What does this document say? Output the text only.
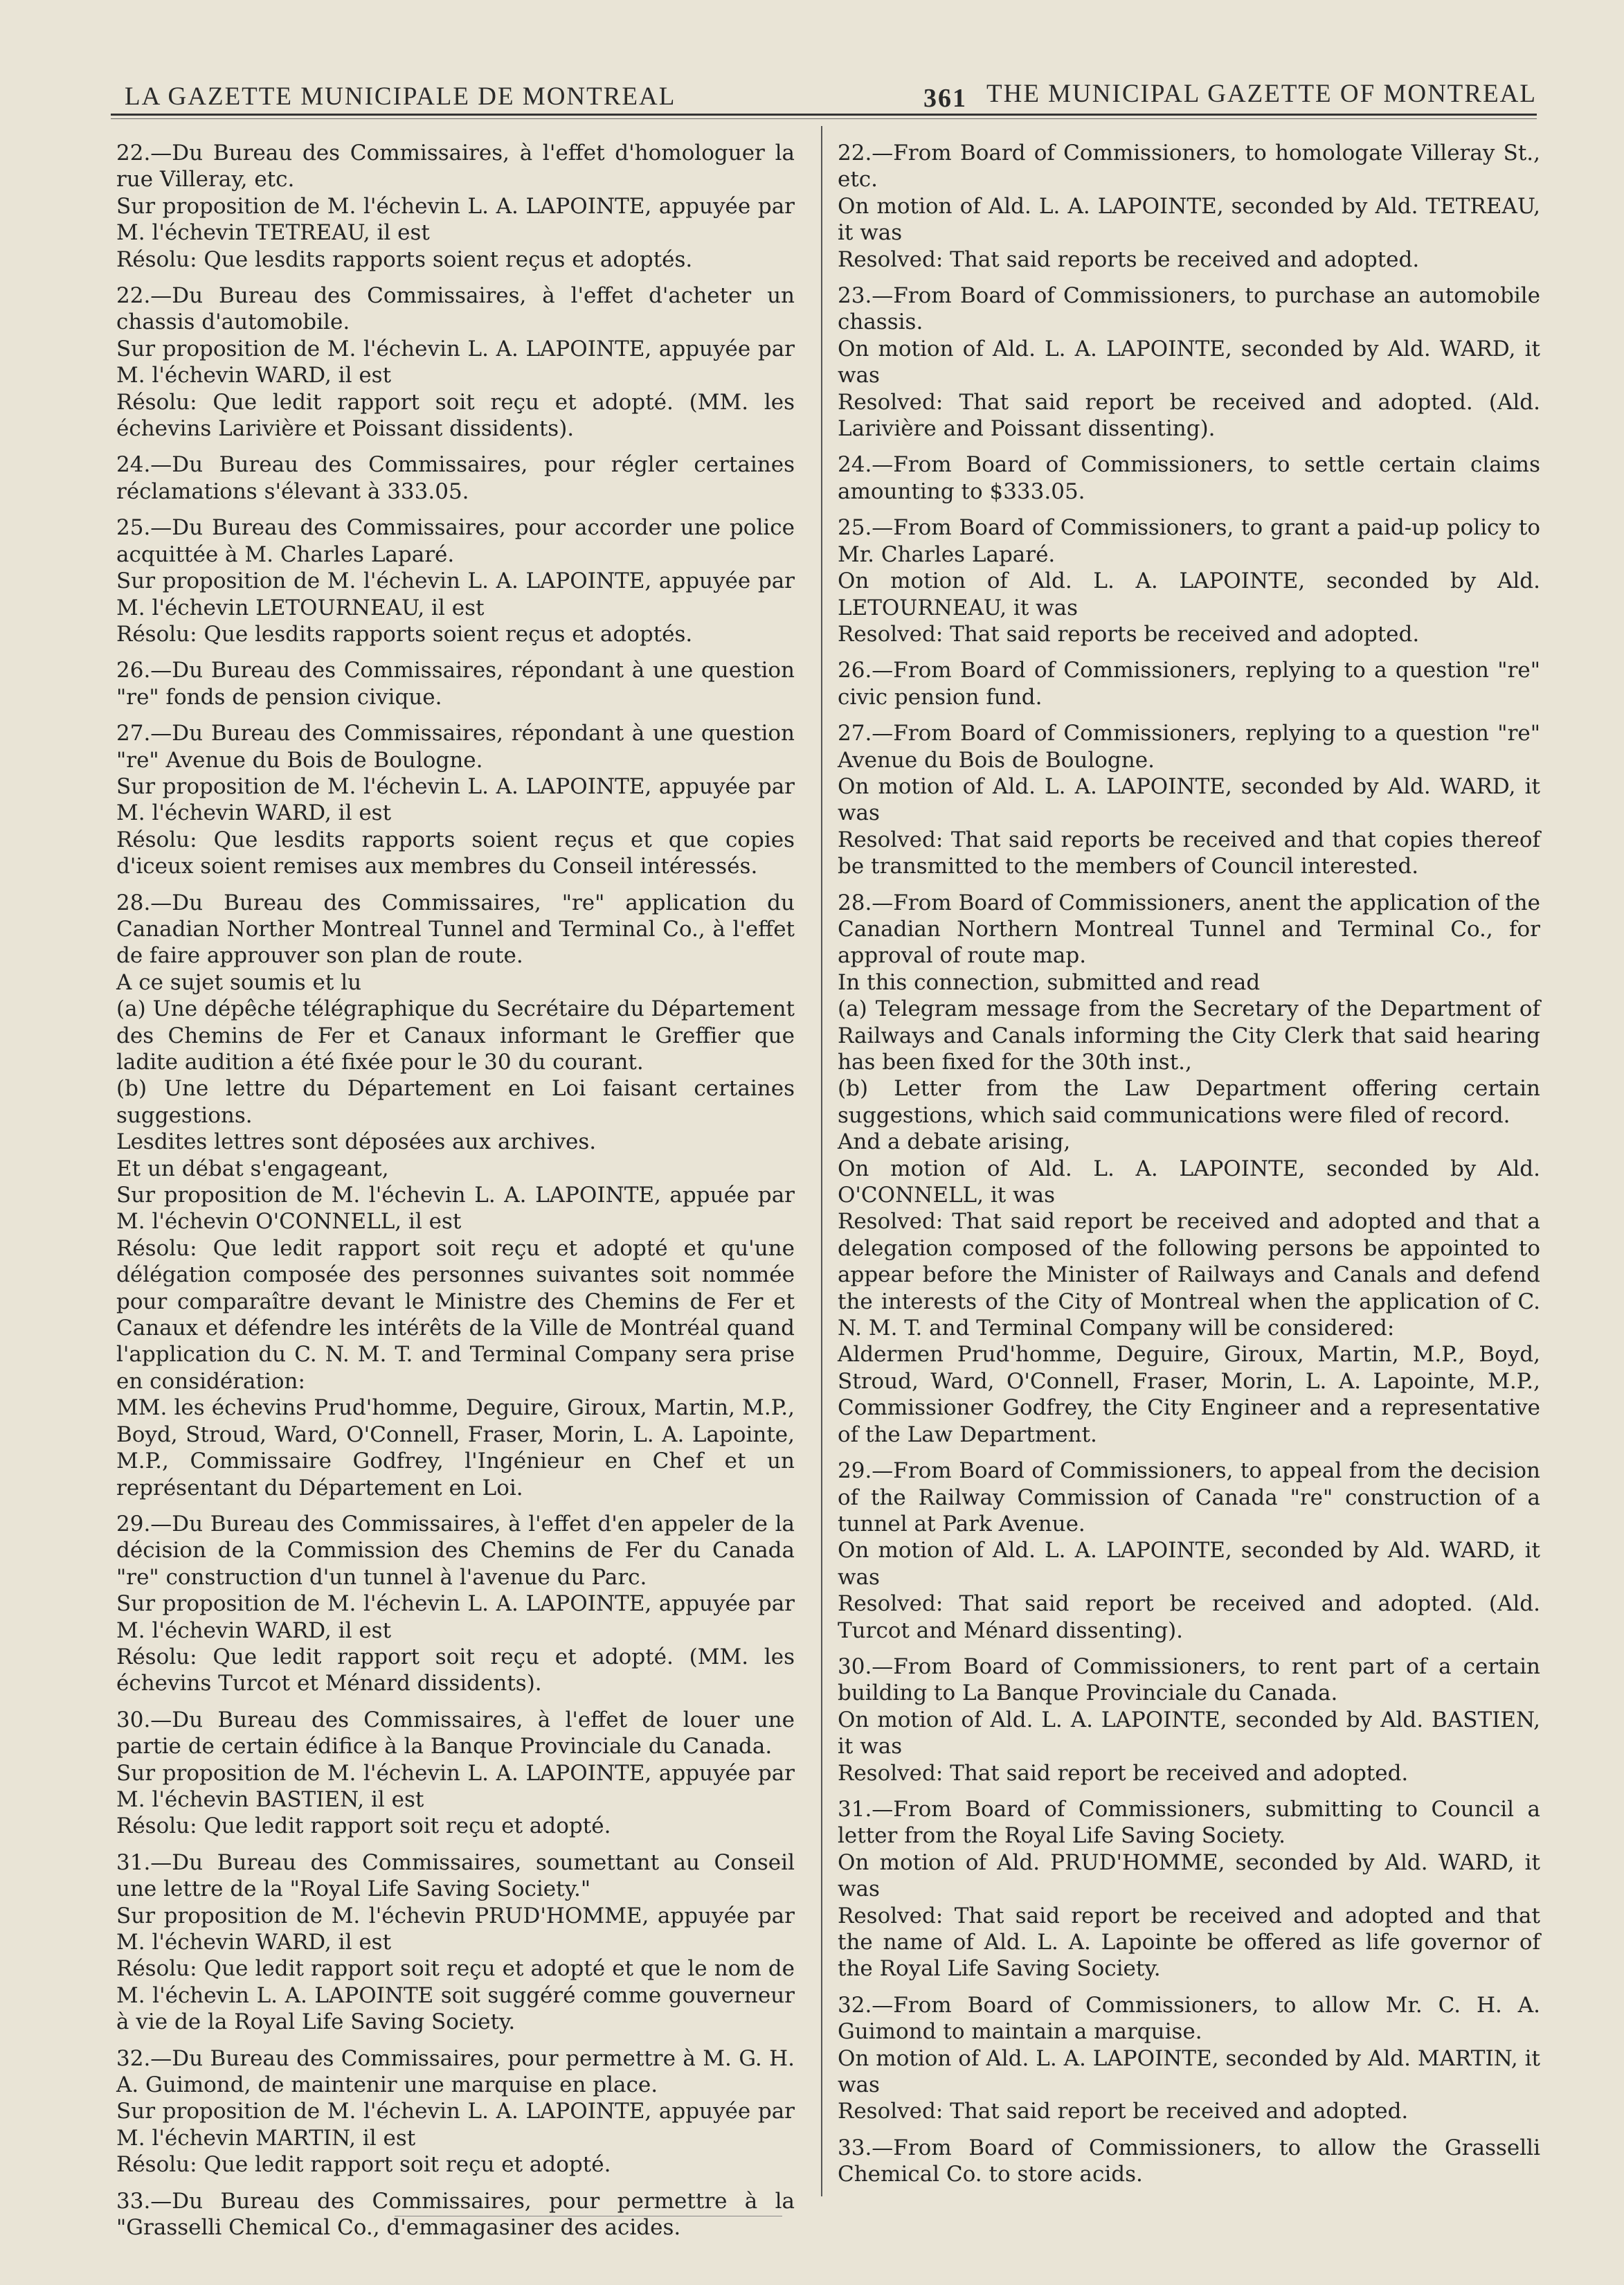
LA GAZETTE MUNICIPALE DE MONTREAL	361 THE MUNICIPAL GAZETTE OF MONTREAL

22.—Du Bureau des Commissaires, à l'effet d'homologuer la rue Villeray, etc.

Sur proposition de M. l'échevin L. A. LAPOINTE, appuyée par M. l'échevin TETREAU, il est

Résolu: Que lesdits rapports soient reçus et adoptés.

22.—Du Bureau des Commissaires, à l'effet d'acheter un chassis d'automobile.

Sur proposition de M. l'échevin L. A. LAPOINTE, appuyée par M. l'échevin WARD, il est

Résolu: Que ledit rapport soit reçu et adopté. (MM. les échevins Larivière et Poissant dissidents).

24.—Du Bureau des Commissaires, pour régler certaines réclamations s'élevant à 333.05.

25.—Du Bureau des Commissaires, pour accorder une police acquittée à M. Charles Laparé.

Sur proposition de M. l'échevin L. A. LAPOINTE, appuyée par M. l'échevin LETOURNEAU, il est

Résolu: Que lesdits rapports soient reçus et adoptés.

26.—Du Bureau des Commissaires, répondant à une question "re" fonds de pension civique.

27.—Du Bureau des Commissaires, répondant à une question "re" Avenue du Bois de Boulogne.

Sur proposition de M. l'échevin L. A. LAPOINTE, appuyée par M. l'échevin WARD, il est

Résolu: Que lesdits rapports soient reçus et que copies d'iceux soient remises aux membres du Conseil intéressés.

28.—Du Bureau des Commissaires, "re" application du Canadian Norther Montreal Tunnel and Terminal Co., à l'effet de faire approuver son plan de route.

A ce sujet soumis et lu

(a) Une dépêche télégraphique du Secrétaire du Département des Chemins de Fer et Canaux informant le Greffier que ladite audition a été fixée pour le 30 du courant.

(b) Une lettre du Département en Loi faisant certaines suggestions.

Lesdites lettres sont déposées aux archives.

Et un débat s'engageant,

Sur proposition de M. l'échevin L. A. LAPOINTE, appuée par M. l'échevin O'CONNELL, il est

Résolu: Que ledit rapport soit reçu et adopté et qu'une délégation composée des personnes suivantes soit nommée pour comparaître devant le Ministre des Chemins de Fer et Canaux et défendre les intérêts de la Ville de Montréal quand l'application du C. N. M. T. and Terminal Company sera prise en considération:

MM. les échevins Prud'homme, Deguire, Giroux, Martin, M.P., Boyd, Stroud, Ward, O'Connell, Fraser, Morin, L. A. Lapointe, M.P., Commissaire Godfrey, l'Ingénieur en Chef et un représentant du Département en Loi.

29.—Du Bureau des Commissaires, à l'effet d'en appeler de la décision de la Commission des Chemins de Fer du Canada "re" construction d'un tunnel à l'avenue du Parc.

Sur proposition de M. l'échevin L. A. LAPOINTE, appuyée par M. l'échevin WARD, il est

Résolu: Que ledit rapport soit reçu et adopté. (MM. les échevins Turcot et Ménard dissidents).

30.—Du Bureau des Commissaires, à l'effet de louer une partie de certain édifice à la Banque Provinciale du Canada.

Sur proposition de M. l'échevin L. A. LAPOINTE, appuyée par M. l'échevin BASTIEN, il est

Résolu: Que ledit rapport soit reçu et adopté.

31.—Du Bureau des Commissaires, soumettant au Conseil une lettre de la "Royal Life Saving Society."

Sur proposition de M. l'échevin PRUD'HOMME, appuyée par M. l'échevin WARD, il est

Résolu: Que ledit rapport soit reçu et adopté et que le nom de M. l'échevin L. A. LAPOINTE soit suggéré comme gouverneur à vie de la Royal Life Saving Society.

32.—Du Bureau des Commissaires, pour permettre à M. G. H. A. Guimond, de maintenir une marquise en place.

Sur proposition de M. l'échevin L. A. LAPOINTE, appuyée par M. l'échevin MARTIN, il est

Résolu: Que ledit rapport soit reçu et adopté.

33.—Du Bureau des Commissaires, pour permettre à la "Grasselli Chemical Co., d'emmagasiner des acides.

22.—From Board of Commissioners, to homologate Villeray St., etc.

On motion of Ald. L. A. LAPOINTE, seconded by Ald. TETREAU, it was

Resolved: That said reports be received and adopted.

23.—From Board of Commissioners, to purchase an automobile chassis.

On motion of Ald. L. A. LAPOINTE, seconded by Ald. WARD, it was

Resolved: That said report be received and adopted. (Ald. Larivière and Poissant dissenting).

24.—From Board of Commissioners, to settle certain claims amounting to $333.05.

25.—From Board of Commissioners, to grant a paid-up policy to Mr. Charles Laparé.

On motion of Ald. L. A. LAPOINTE, seconded by Ald. LETOURNEAU, it was

Resolved: That said reports be received and adopted.

26.—From Board of Commissioners, replying to a question "re" civic pension fund.

27.—From Board of Commissioners, replying to a question "re" Avenue du Bois de Boulogne.

On motion of Ald. L. A. LAPOINTE, seconded by Ald. WARD, it was

Resolved: That said reports be received and that copies thereof be transmitted to the members of Council interested.

28.—From Board of Commissioners, anent the application of the Canadian Northern Montreal Tunnel and Terminal Co., for approval of route map.

In this connection, submitted and read

(a) Telegram message from the Secretary of the Department of Railways and Canals informing the City Clerk that said hearing has been fixed for the 30th inst.,

(b) Letter from the Law Department offering certain suggestions, which said communications were filed of record.

And a debate arising,

On motion of Ald. L. A. LAPOINTE, seconded by Ald. O'CONNELL, it was

Resolved: That said report be received and adopted and that a delegation composed of the following persons be appointed to appear before the Minister of Railways and Canals and defend the interests of the City of Montreal when the application of C. N. M. T. and Terminal Company will be considered:

Aldermen Prud'homme, Deguire, Giroux, Martin, M.P., Boyd, Stroud, Ward, O'Connell, Fraser, Morin, L. A. Lapointe, M.P., Commissioner Godfrey, the City Engineer and a representative of the Law Department.

29.—From Board of Commissioners, to appeal from the decision of the Railway Commission of Canada "re" construction of a tunnel at Park Avenue.

On motion of Ald. L. A. LAPOINTE, seconded by Ald. WARD, it was

Resolved: That said report be received and adopted. (Ald. Turcot and Ménard dissenting).

30.—From Board of Commissioners, to rent part of a certain building to La Banque Provinciale du Canada.

On motion of Ald. L. A. LAPOINTE, seconded by Ald. BASTIEN, it was

Resolved: That said report be received and adopted.

31.—From Board of Commissioners, submitting to Council a letter from the Royal Life Saving Society.

On motion of Ald. PRUD'HOMME, seconded by Ald. WARD, it was

Resolved: That said report be received and adopted and that the name of Ald. L. A. Lapointe be offered as life governor of the Royal Life Saving Society.

32.—From Board of Commissioners, to allow Mr. C. H. A. Guimond to maintain a marquise.

On motion of Ald. L. A. LAPOINTE, seconded by Ald. MARTIN, it was

Resolved: That said report be received and adopted.

33.—From Board of Commissioners, to allow the Grasselli Chemical Co. to store acids.
